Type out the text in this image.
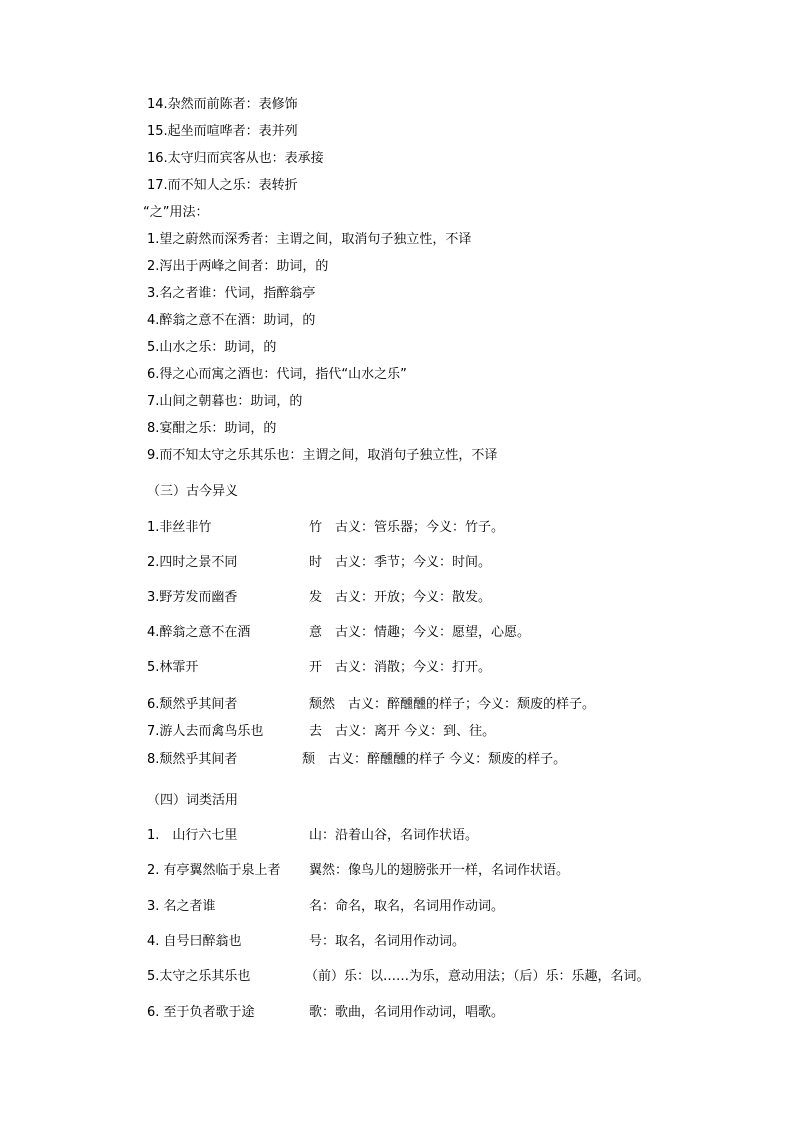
14.杂然而前陈者：表修饰
15.起坐而喧哗者：表并列
16.太守归而宾客从也：表承接
17.而不知人之乐：表转折
“之”用法：
1.望之蔚然而深秀者：主谓之间，取消句子独立性，不译
2.泻出于两峰之间者：助词，的
3.名之者谁：代词，指醉翁亭
4.醉翁之意不在酒：助词，的
5.山水之乐：助词，的
6.得之心而寓之酒也：代词，指代“山水之乐”
7.山间之朝暮也：助词，的
8.宴酣之乐：助词，的
9.而不知太守之乐其乐也：主谓之间，取消句子独立性，不译
（三）古今异义
1.非丝非竹	竹　古义：管乐器；今义：竹子。
2.四时之景不同	时　古义：季节；今义：时间。
3.野芳发而幽香	发　古义：开放；今义：散发。
4.醉翁之意不在酒	意　古义：情趣；今义：愿望，心愿。
5.林霏开	开　古义：消散；今义：打开。
6.颓然乎其间者	颓然　古义：醉醺醺的样子；今义：颓废的样子。
7.游人去而禽鸟乐也	去　古义：离开 今义：到、往。
8.颓然乎其间者	颓　古义：醉醺醺的样子 今义：颓废的样子。
（四）词类活用
1.　山行六七里	山：沿着山谷，名词作状语。
2. 有亭翼然临于泉上者 翼然：像鸟儿的翅膀张开一样，名词作状语。
3. 名之者谁	名：命名，取名，名词用作动词。
4. 自号曰醉翁也	号：取名，名词用作动词。
5.太守之乐其乐也	（前）乐：以……为乐，意动用法；（后）乐：乐趣，名词。
6. 至于负者歌于途	歌：歌曲，名词用作动词，唱歌。
